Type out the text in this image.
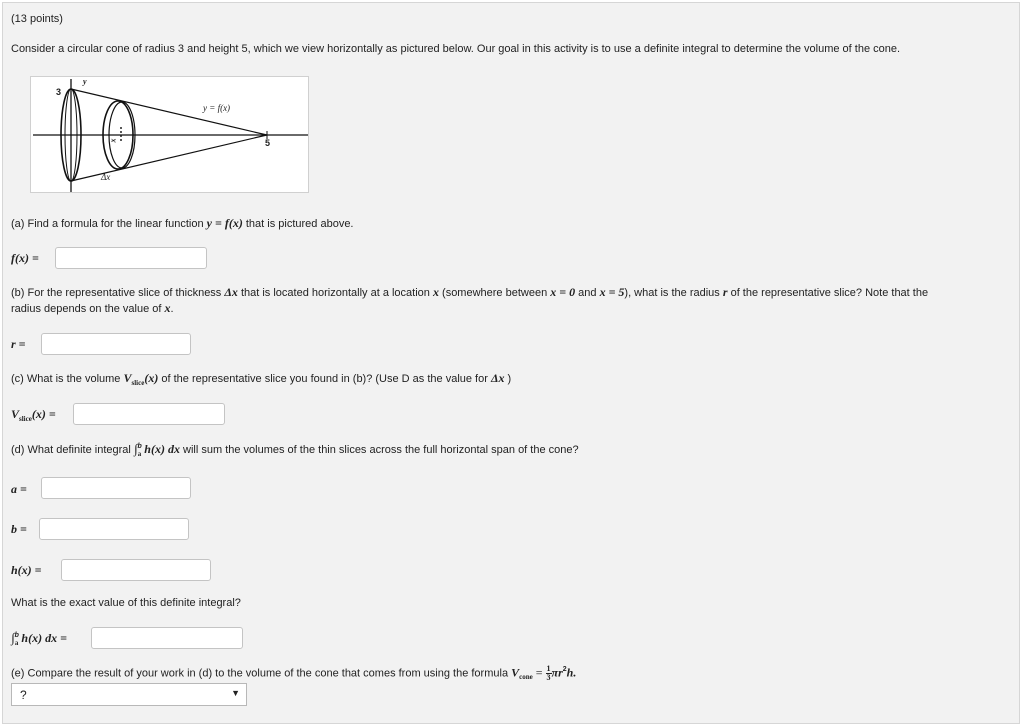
(13 points)
Consider a circular cone of radius 3 and height 5, which we view horizontally as pictured below. Our goal in this activity is to use a definite integral to determine the volume of the cone.
y
3
y = f(x)
5
x
Δx
(a) Find a formula for the linear function y = f(x) that is pictured above.
f(x) =
(b) For the representative slice of thickness Δx that is located horizontally at a location x (somewhere between x = 0 and x = 5), what is the radius r of the representative slice? Note that the
radius depends on the value of x.
r =
(c) What is the volume $V_{slice}(x)$ of the representative slice you found in (b)? (Use D as the value for Δx )
$V_{slice}(x)$ =
(d) What definite integral ∫$^b_a$ h(x) dx will sum the volumes of the thin slices across the full horizontal span of the cone?
a =
b =
h(x) =
What is the exact value of this definite integral?
∫$^b_a$ h(x) dx =
(e) Compare the result of your work in (d) to the volume of the cone that comes from using the formula $V_{cone} = \frac{1}{3} \pi r^2h$.
?	▼
